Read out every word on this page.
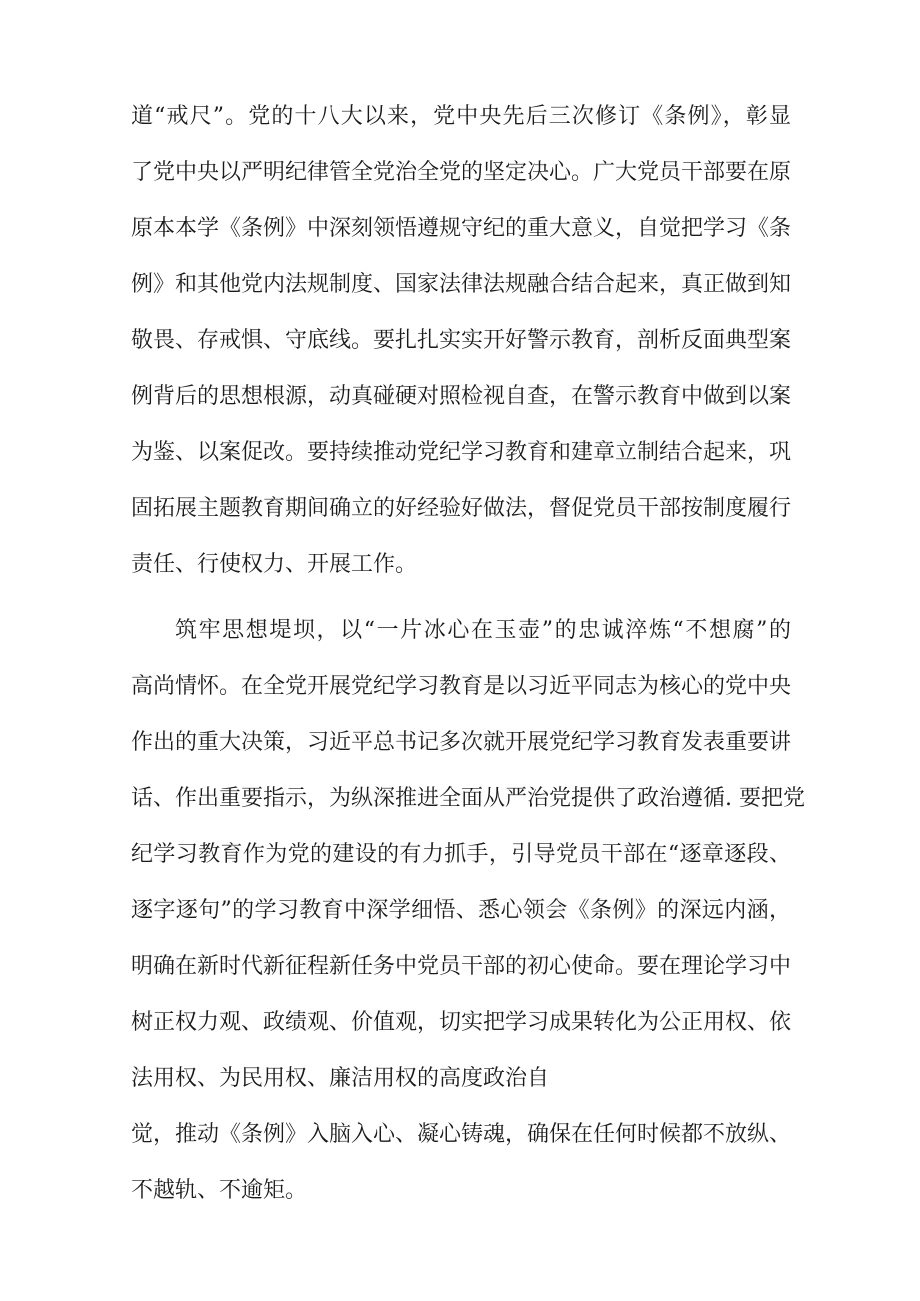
道“戒尺”。党的十八大以来，党中央先后三次修订《条例》，彰显
了党中央以严明纪律管全党治全党的坚定决心。广大党员干部要在原
原本本学《条例》中深刻领悟遵规守纪的重大意义，自觉把学习《条
例》和其他党内法规制度、国家法律法规融合结合起来，真正做到知
敬畏、存戒惧、守底线。要扎扎实实开好警示教育，剖析反面典型案
例背后的思想根源，动真碰硬对照检视自查，在警示教育中做到以案
为鉴、以案促改。要持续推动党纪学习教育和建章立制结合起来，巩
固拓展主题教育期间确立的好经验好做法，督促党员干部按制度履行
责任、行使权力、开展工作。
筑牢思想堤坝，以“一片冰心在玉壶”的忠诚淬炼“不想腐”的
高尚情怀。在全党开展党纪学习教育是以习近平同志为核心的党中央
作出的重大决策，习近平总书记多次就开展党纪学习教育发表重要讲
话、作出重要指示，为纵深推进全面从严治党提供了政治遵循. 要把党
纪学习教育作为党的建设的有力抓手，引导党员干部在“逐章逐段、
逐字逐句”的学习教育中深学细悟、悉心领会《条例》的深远内涵，
明确在新时代新征程新任务中党员干部的初心使命。要在理论学习中
树正权力观、政绩观、价值观，切实把学习成果转化为公正用权、依
法用权、为民用权、廉洁用权的高度政治自
觉，推动《条例》入脑入心、凝心铸魂，确保在任何时候都不放纵、
不越轨、不逾矩。
